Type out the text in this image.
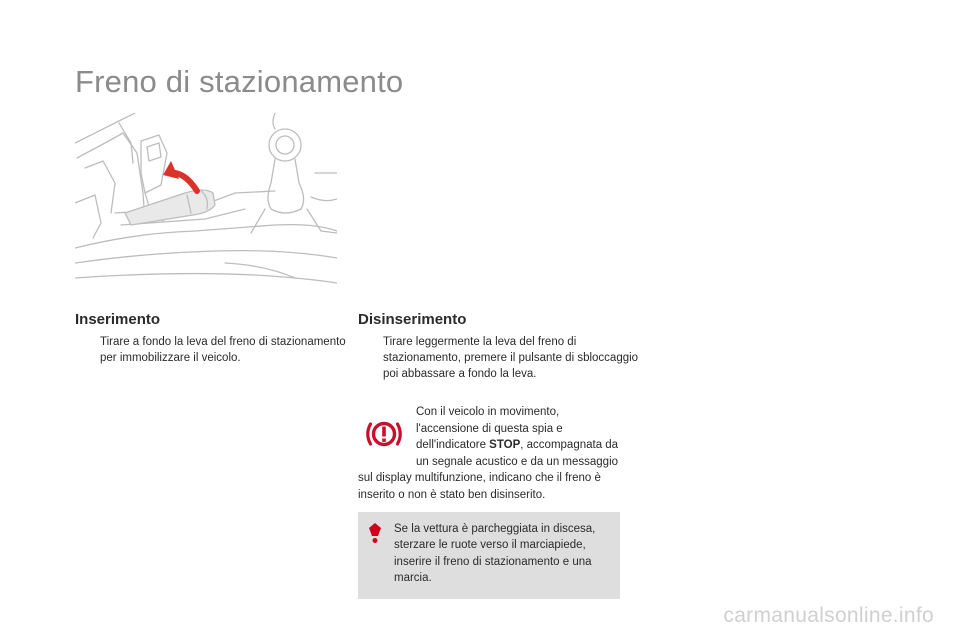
Freno di stazionamento
Inserimento
Tirare a fondo la leva del freno di stazionamento per immobilizzare il veicolo.
Disinserimento
Tirare leggermente la leva del freno di stazionamento, premere il pulsante di sbloccaggio poi abbassare a fondo la leva.
Con il veicolo in movimento, l'accensione di questa spia e dell'indicatore STOP, accompagnata da un segnale acustico e da un messaggio sul display multifunzione, indicano che il freno è inserito o non è stato ben disinserito.
Se la vettura è parcheggiata in discesa, sterzare le ruote verso il marciapiede, inserire il freno di stazionamento e una marcia.
carmanualsonline.info
